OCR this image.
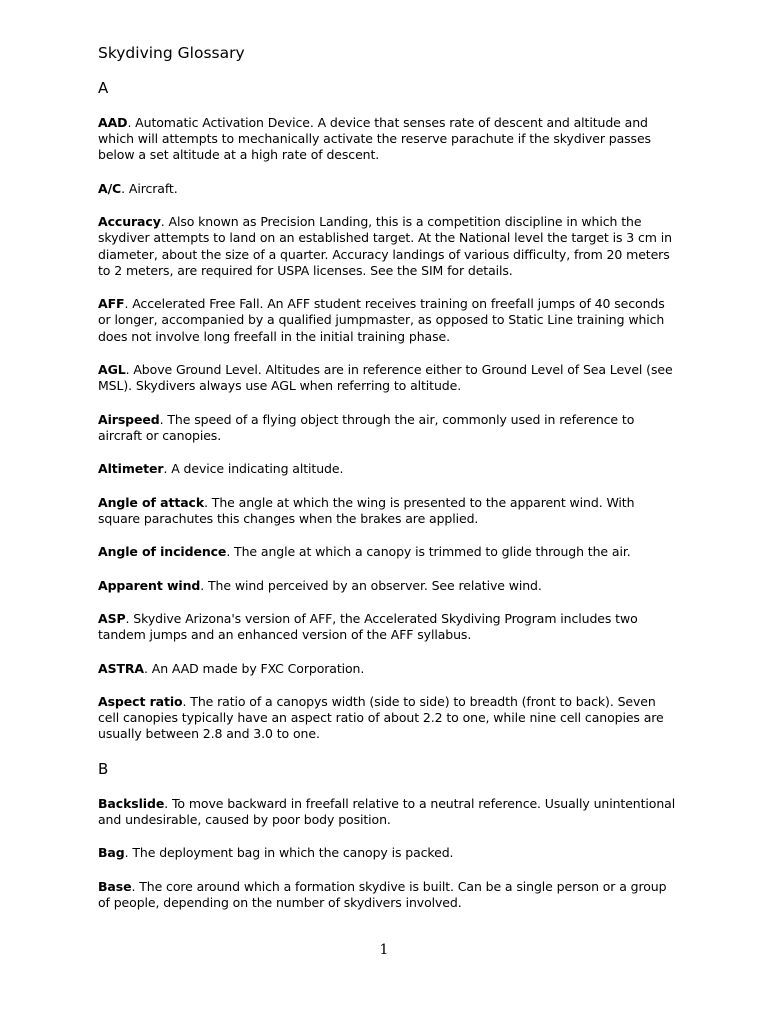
Skydiving Glossary
A

AAD. Automatic Activation Device. A device that senses rate of descent and altitude and which will attempts to mechanically activate the reserve parachute if the skydiver passes below a set altitude at a high rate of descent.

A/C. Aircraft.

Accuracy. Also known as Precision Landing, this is a competition discipline in which the skydiver attempts to land on an established target. At the National level the target is 3 cm in diameter, about the size of a quarter. Accuracy landings of various difficulty, from 20 meters to 2 meters, are required for USPA licenses. See the SIM for details.

AFF. Accelerated Free Fall. An AFF student receives training on freefall jumps of 40 seconds or longer, accompanied by a qualified jumpmaster, as opposed to Static Line training which does not involve long freefall in the initial training phase.

AGL. Above Ground Level. Altitudes are in reference either to Ground Level of Sea Level (see MSL). Skydivers always use AGL when referring to altitude.

Airspeed. The speed of a flying object through the air, commonly used in reference to aircraft or canopies.

Altimeter. A device indicating altitude.

Angle of attack. The angle at which the wing is presented to the apparent wind. With square parachutes this changes when the brakes are applied.

Angle of incidence. The angle at which a canopy is trimmed to glide through the air.

Apparent wind. The wind perceived by an observer. See relative wind.

ASP. Skydive Arizona's version of AFF, the Accelerated Skydiving Program includes two tandem jumps and an enhanced version of the AFF syllabus.

ASTRA. An AAD made by FXC Corporation.

Aspect ratio. The ratio of a canopys width (side to side) to breadth (front to back). Seven cell canopies typically have an aspect ratio of about 2.2 to one, while nine cell canopies are usually between 2.8 and 3.0 to one.

B

Backslide. To move backward in freefall relative to a neutral reference. Usually unintentional and undesirable, caused by poor body position.

Bag. The deployment bag in which the canopy is packed.

Base. The core around which a formation skydive is built. Can be a single person or a group of people, depending on the number of skydivers involved.

1
